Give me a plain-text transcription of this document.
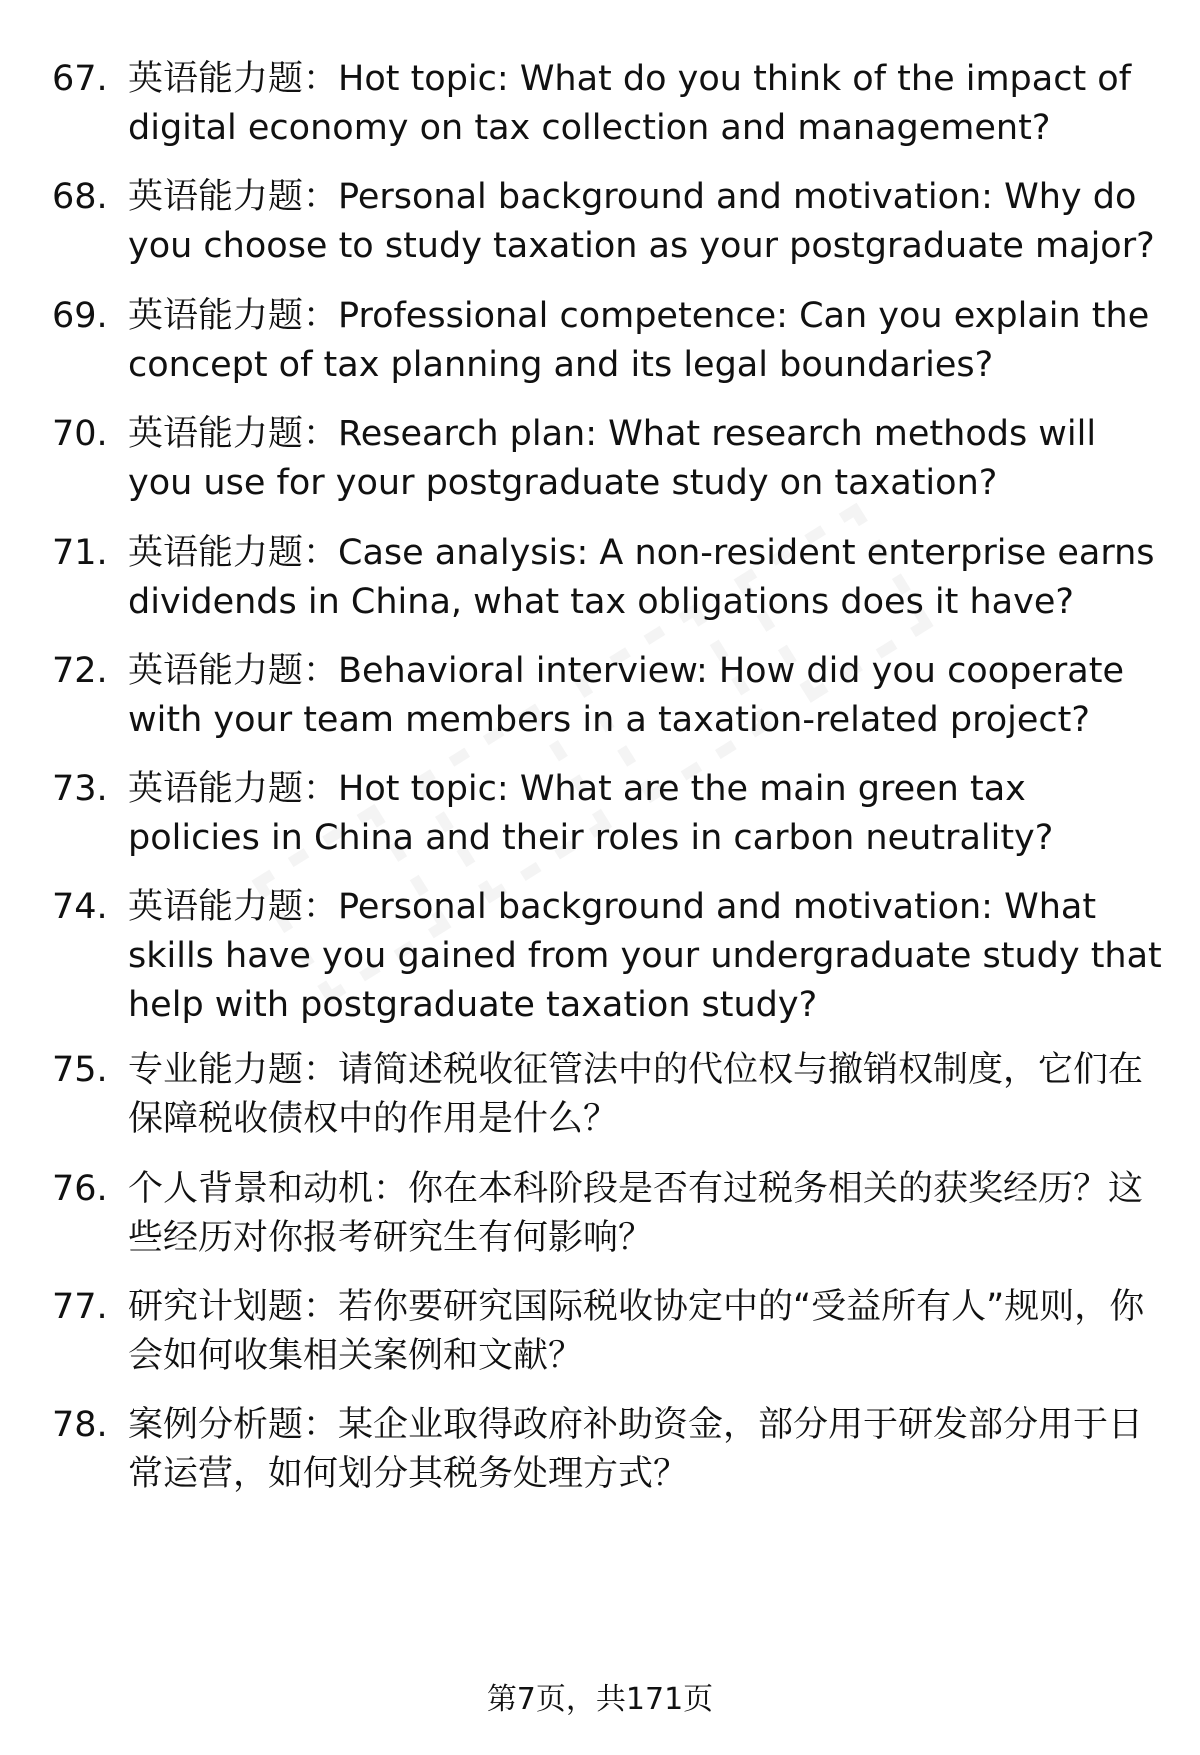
67. 英语能力题：Hot topic: What do you think of the impact of digital economy on tax collection and management?
68. 英语能力题：Personal background and motivation: Why do you choose to study taxation as your postgraduate major?
69. 英语能力题：Professional competence: Can you explain the concept of tax planning and its legal boundaries?
70. 英语能力题：Research plan: What research methods will you use for your postgraduate study on taxation?
71. 英语能力题：Case analysis: A non-resident enterprise earns dividends in China, what tax obligations does it have?
72. 英语能力题：Behavioral interview: How did you cooperate with your team members in a taxation-related project?
73. 英语能力题：Hot topic: What are the main green tax policies in China and their roles in carbon neutrality?
74. 英语能力题：Personal background and motivation: What skills have you gained from your undergraduate study that help with postgraduate taxation study?
75. 专业能力题：请简述税收征管法中的代位权与撤销权制度，它们在保障税收债权中的作用是什么？
76. 个人背景和动机：你在本科阶段是否有过税务相关的获奖经历？这些经历对你报考研究生有何影响？
77. 研究计划题：若你要研究国际税收协定中的“受益所有人”规则，你会如何收集相关案例和文献？
78. 案例分析题：某企业取得政府补助资金，部分用于研发部分用于日常运营，如何划分其税务处理方式？
第7页，共171页
